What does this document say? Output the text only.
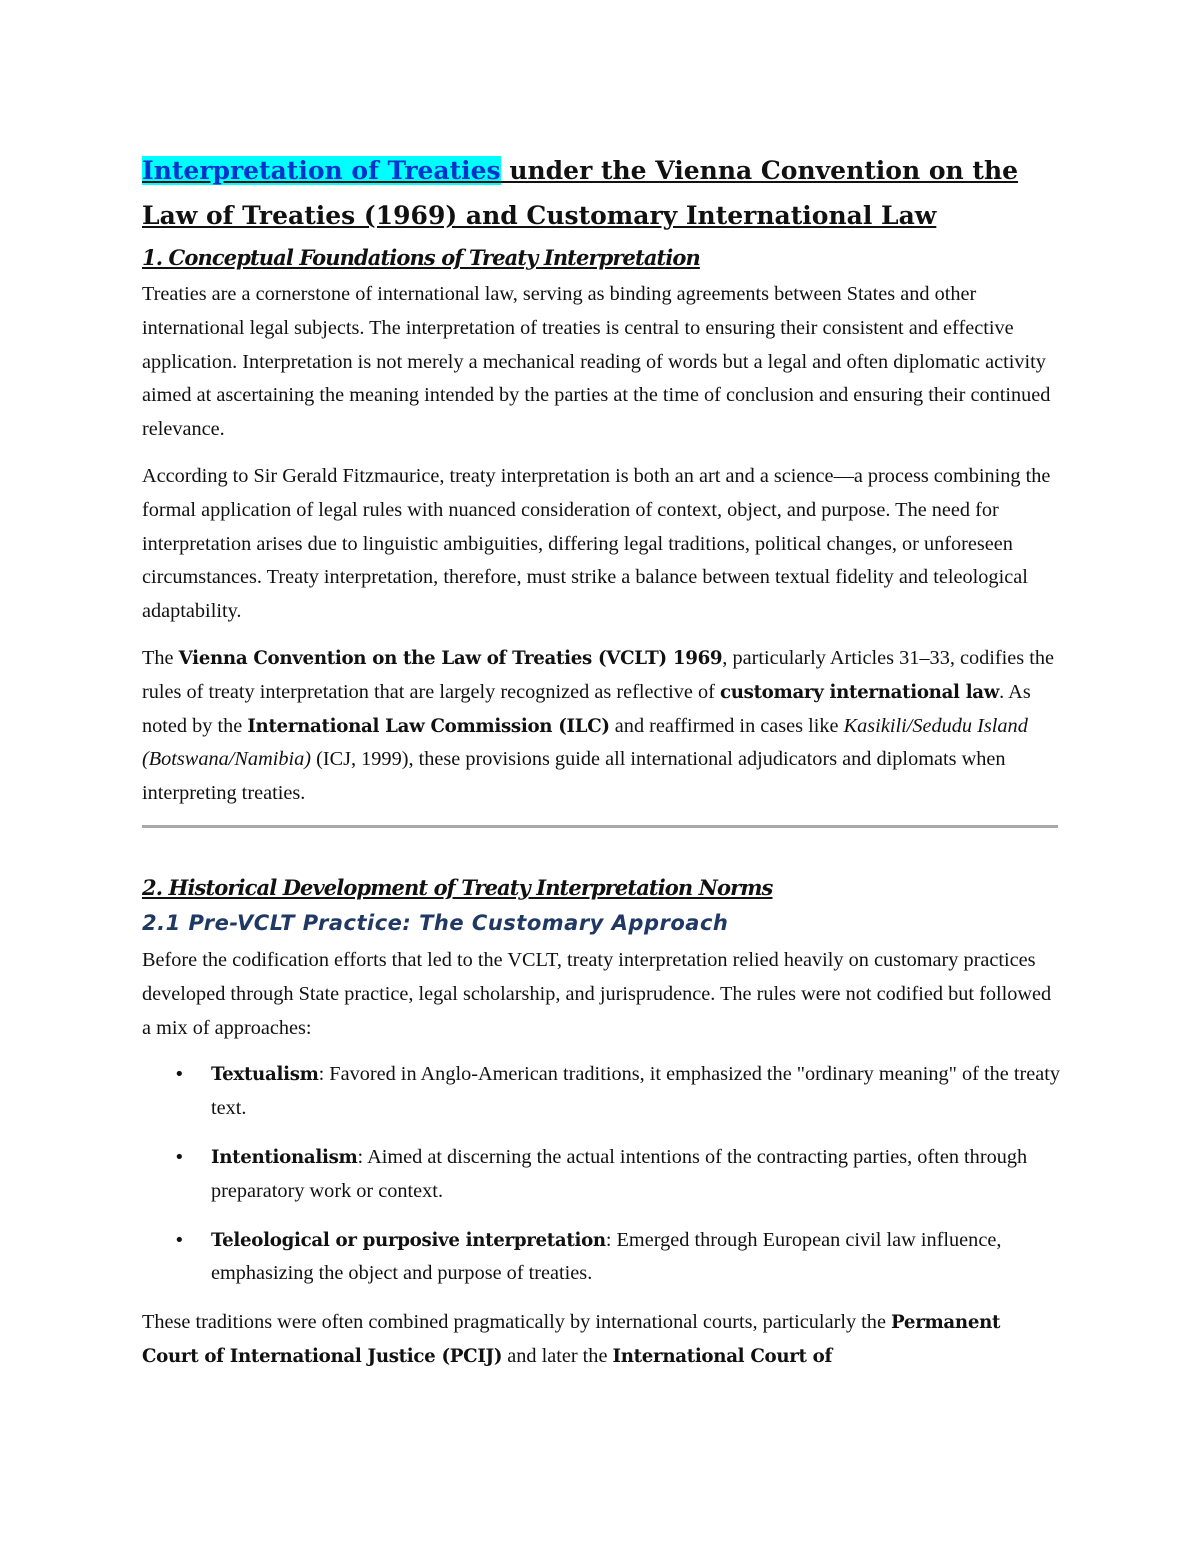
Interpretation of Treaties under the Vienna Convention on the Law of Treaties (1969) and Customary International Law
1. Conceptual Foundations of Treaty Interpretation

Treaties are a cornerstone of international law, serving as binding agreements between States and other international legal subjects. The interpretation of treaties is central to ensuring their consistent and effective application. Interpretation is not merely a mechanical reading of words but a legal and often diplomatic activity aimed at ascertaining the meaning intended by the parties at the time of conclusion and ensuring their continued relevance.

According to Sir Gerald Fitzmaurice, treaty interpretation is both an art and a science—a process combining the formal application of legal rules with nuanced consideration of context, object, and purpose. The need for interpretation arises due to linguistic ambiguities, differing legal traditions, political changes, or unforeseen circumstances. Treaty interpretation, therefore, must strike a balance between textual fidelity and teleological adaptability.

The Vienna Convention on the Law of Treaties (VCLT) 1969, particularly Articles 31–33, codifies the rules of treaty interpretation that are largely recognized as reflective of customary international law. As noted by the International Law Commission (ILC) and reaffirmed in cases like Kasikili/Sedudu Island (Botswana/Namibia) (ICJ, 1999), these provisions guide all international adjudicators and diplomats when interpreting treaties.

2. Historical Development of Treaty Interpretation Norms
2.1 Pre-VCLT Practice: The Customary Approach

Before the codification efforts that led to the VCLT, treaty interpretation relied heavily on customary practices developed through State practice, legal scholarship, and jurisprudence. The rules were not codified but followed a mix of approaches:

• Textualism: Favored in Anglo-American traditions, it emphasized the "ordinary meaning" of the treaty text.
• Intentionalism: Aimed at discerning the actual intentions of the contracting parties, often through preparatory work or context.
• Teleological or purposive interpretation: Emerged through European civil law influence, emphasizing the object and purpose of treaties.

These traditions were often combined pragmatically by international courts, particularly the Permanent Court of International Justice (PCIJ) and later the International Court of
